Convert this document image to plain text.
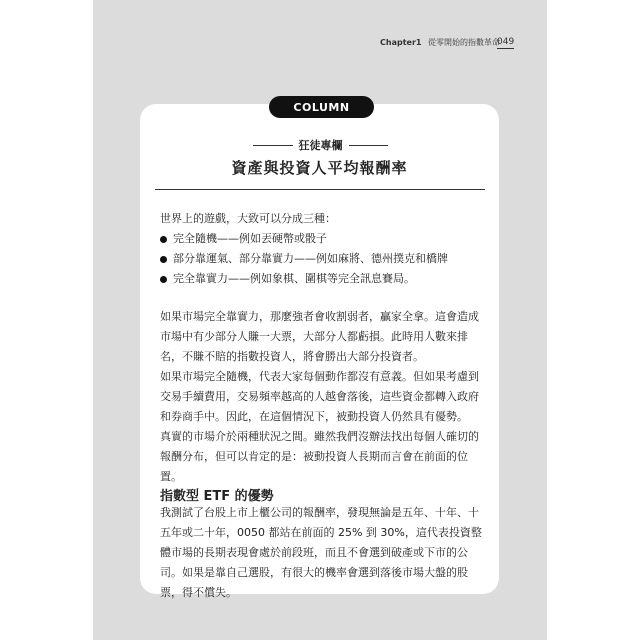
Chapter1 從零開始的指數革命
049
COLUMN
狂徒專欄
資產與投資人平均報酬率

世界上的遊戲，大致可以分成三種：

完全隨機——例如丟硬幣或骰子
部分靠運氣、部分靠實力——例如麻將、德州撲克和橋牌
完全靠實力——例如象棋、圍棋等完全訊息賽局。

如果市場完全靠實力，那麼強者會收割弱者，贏家全拿。這會造成市場中有少部分人賺一大票，大部分人都虧損。此時用人數來排名，不賺不賠的指數投資人，將會勝出大部分投資者。

如果市場完全隨機，代表大家每個動作都沒有意義。但如果考慮到交易手續費用，交易頻率越高的人越會落後，這些資金都轉入政府和券商手中。因此，在這個情況下，被動投資人仍然具有優勢。

真實的市場介於兩種狀況之間。雖然我們沒辦法找出每個人確切的報酬分布，但可以肯定的是：被動投資人長期而言會在前面的位置。

指數型 ETF 的優勢

我測試了台股上市上櫃公司的報酬率，發現無論是五年、十年、十五年或二十年，0050 都站在前面的 25% 到 30%，這代表投資整體市場的長期表現會處於前段班，而且不會選到破產或下市的公司。如果是靠自己選股，有很大的機率會選到落後市場大盤的股票，得不償失。
